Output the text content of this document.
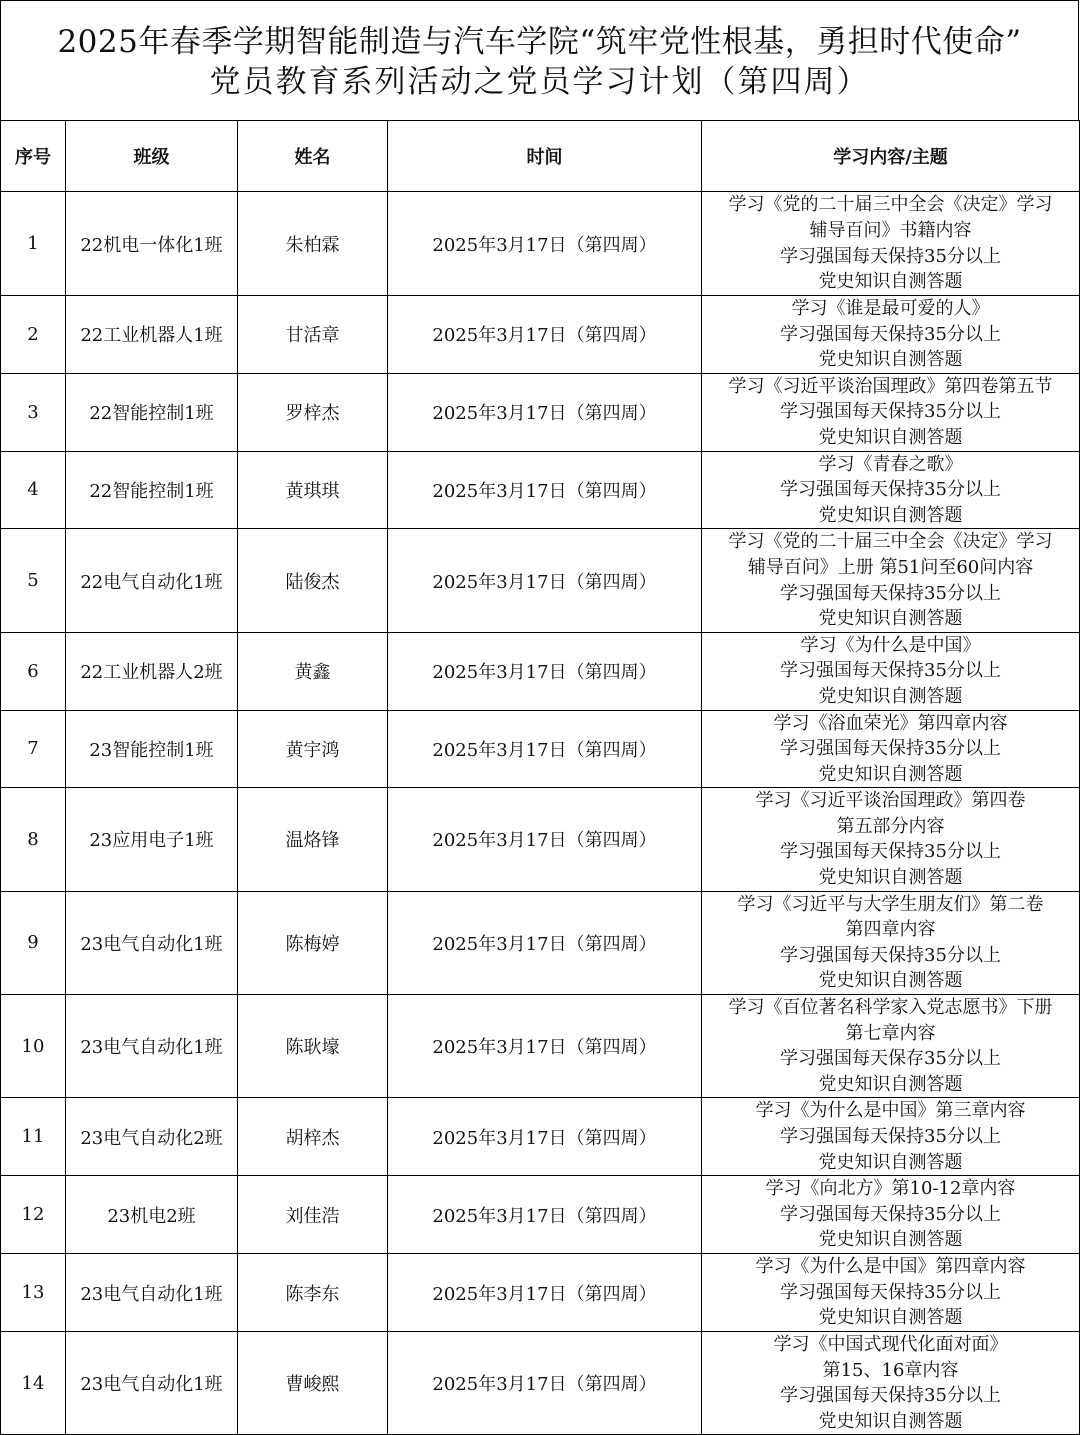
2025年春季学期智能制造与汽车学院“筑牢党性根基，勇担时代使命”
党员教育系列活动之党员学习计划（第四周）
序号	班级	姓名	时间	学习内容/主题
1	22机电一体化1班	朱柏霖	2025年3月17日（第四周）	学习《党的二十届三中全会《决定》学习
辅导百问》书籍内容
学习强国每天保持35分以上
党史知识自测答题

2	22工业机器人1班	甘活章	2025年3月17日（第四周）	学习《谁是最可爱的人》
学习强国每天保持35分以上
党史知识自测答题

3	22智能控制1班	罗梓杰	2025年3月17日（第四周）	学习《习近平谈治国理政》第四卷第五节
学习强国每天保持35分以上
党史知识自测答题

4	22智能控制1班	黄琪琪	2025年3月17日（第四周）	学习《青春之歌》
学习强国每天保持35分以上
党史知识自测答题

5	22电气自动化1班	陆俊杰	2025年3月17日（第四周）	学习《党的二十届三中全会《决定》学习
辅导百问》上册 第51问至60问内容
学习强国每天保持35分以上
党史知识自测答题

6	22工业机器人2班	黄鑫	2025年3月17日（第四周）	学习《为什么是中国》
学习强国每天保持35分以上
党史知识自测答题

7	23智能控制1班	黄宇鸿	2025年3月17日（第四周）	学习《浴血荣光》第四章内容
学习强国每天保持35分以上
党史知识自测答题

8	23应用电子1班	温烙锋	2025年3月17日（第四周）	学习《习近平谈治国理政》第四卷
第五部分内容
学习强国每天保持35分以上
党史知识自测答题

9	23电气自动化1班	陈梅婷	2025年3月17日（第四周）	学习《习近平与大学生朋友们》第二卷
第四章内容
学习强国每天保持35分以上
党史知识自测答题

10	23电气自动化1班	陈耿壕	2025年3月17日（第四周）	学习《百位著名科学家入党志愿书》下册
第七章内容
学习强国每天保存35分以上
党史知识自测答题

11	23电气自动化2班	胡梓杰	2025年3月17日（第四周）	学习《为什么是中国》第三章内容
学习强国每天保持35分以上
党史知识自测答题

12	23机电2班	刘佳浩	2025年3月17日（第四周）	学习《向北方》第10-12章内容
学习强国每天保持35分以上
党史知识自测答题

13	23电气自动化1班	陈李东	2025年3月17日（第四周）	学习《为什么是中国》第四章内容
学习强国每天保持35分以上
党史知识自测答题

14	23电气自动化1班	曹峻熙	2025年3月17日（第四周）	学习《中国式现代化面对面》
第15、16章内容
学习强国每天保持35分以上
党史知识自测答题
